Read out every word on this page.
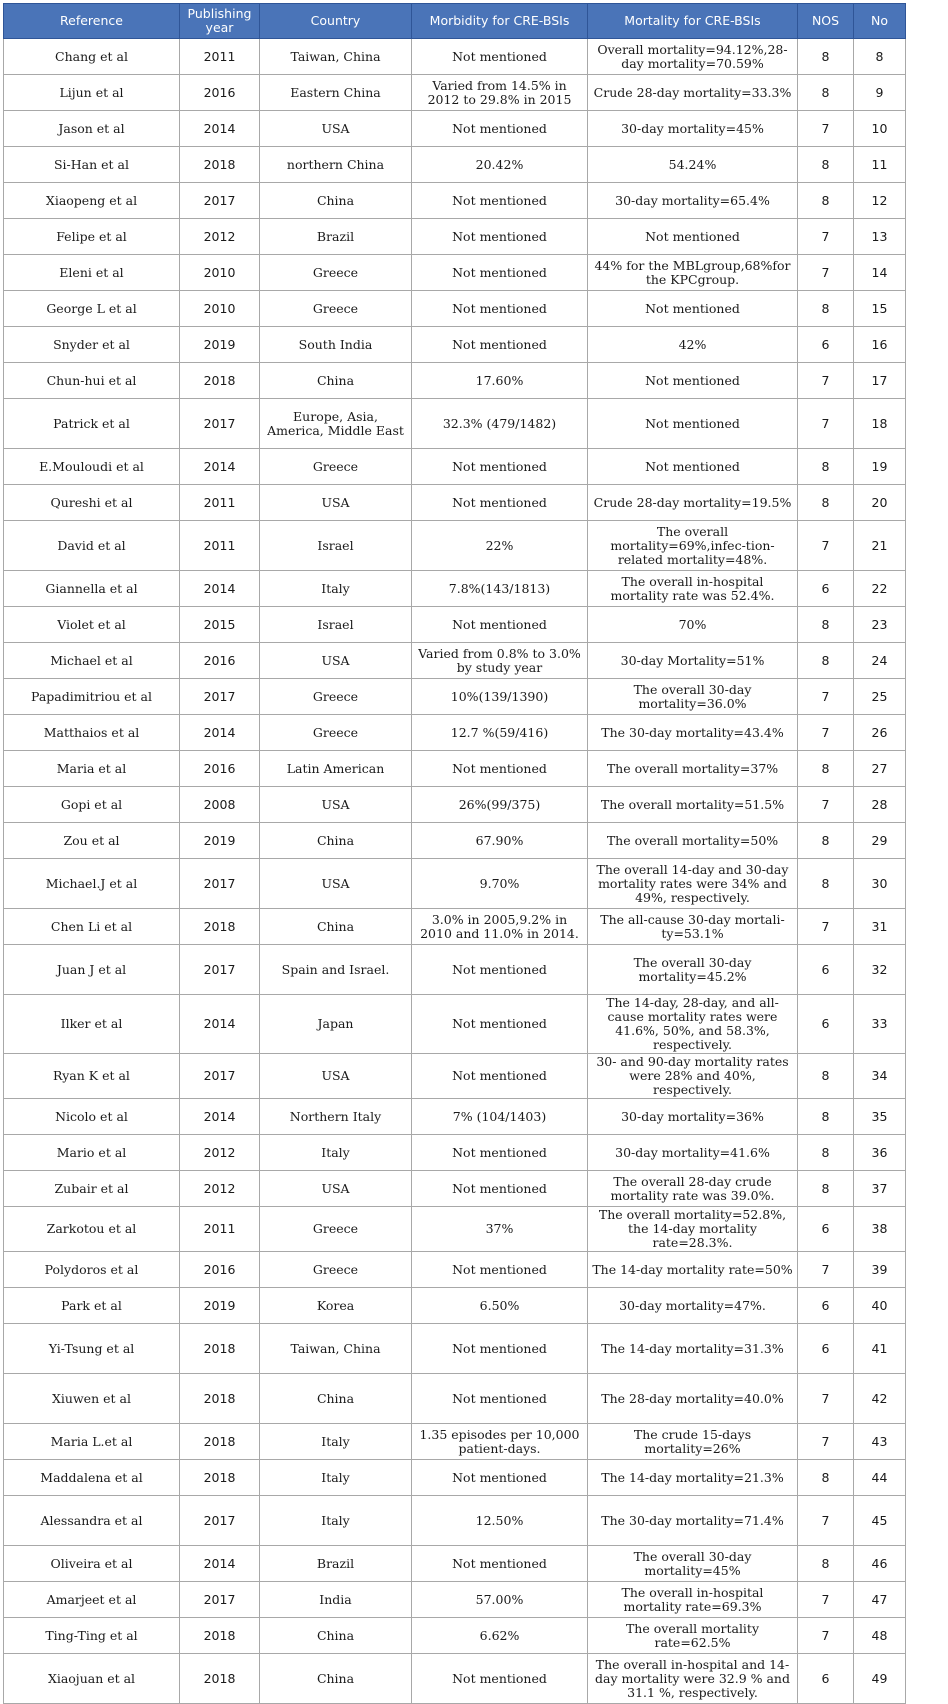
Reference	Publishing year	Country	Morbidity for CRE-BSIs	Mortality for CRE-BSIs	NOS	No
Chang et al	2011	Taiwan, China	Not mentioned	Overall mortality=94.12%,28-day mortality=70.59%	8	8
Lijun et al	2016	Eastern China	Varied from 14.5% in 2012 to 29.8% in 2015	Crude 28-day mortality=33.3%	8	9
Jason et al	2014	USA	Not mentioned	30-day mortality=45%	7	10
Si-Han et al	2018	northern China	20.42%	54.24%	8	11
Xiaopeng et al	2017	China	Not mentioned	30-day mortality=65.4%	8	12
Felipe et al	2012	Brazil	Not mentioned	Not mentioned	7	13
Eleni et al	2010	Greece	Not mentioned	44% for the MBLgroup,68%for the KPCgroup.	7	14
George L et al	2010	Greece	Not mentioned	Not mentioned	8	15
Snyder et al	2019	South India	Not mentioned	42%	6	16
Chun-hui et al	2018	China	17.60%	Not mentioned	7	17
Patrick et al	2017	Europe, Asia, America, Middle East	32.3% (479/1482)	Not mentioned	7	18
E.Mouloudi et al	2014	Greece	Not mentioned	Not mentioned	8	19
Qureshi et al	2011	USA	Not mentioned	Crude 28-day mortality=19.5%	8	20
David et al	2011	Israel	22%	The overall mortality=69%,infec-tion-related mortality=48%.	7	21
Giannella et al	2014	Italy	7.8%(143/1813)	The overall in-hospital mortality rate was 52.4%.	6	22
Violet et al	2015	Israel	Not mentioned	70%	8	23
Michael et al	2016	USA	Varied from 0.8% to 3.0% by study year	30-day Mortality=51%	8	24
Papadimitriou et al	2017	Greece	10%(139/1390)	The overall 30-day mortality=36.0%	7	25
Matthaios et al	2014	Greece	12.7 %(59/416)	The 30-day mortality=43.4%	7	26
Maria et al	2016	Latin American	Not mentioned	The overall mortality=37%	8	27
Gopi et al	2008	USA	26%(99/375)	The overall mortality=51.5%	7	28
Zou et al	2019	China	67.90%	The overall mortality=50%	8	29
Michael.J et al	2017	USA	9.70%	The overall 14-day and 30-day mortality rates were 34% and 49%, respectively.	8	30
Chen Li et al	2018	China	3.0% in 2005,9.2% in 2010 and 11.0% in 2014.	The all-cause 30-day mortali-ty=53.1%	7	31
Juan J et al	2017	Spain and Israel.	Not mentioned	The overall 30-day mortality=45.2%	6	32
Ilker et al	2014	Japan	Not mentioned	The 14-day, 28-day, and all-cause mortality rates were 41.6%, 50%, and 58.3%, respectively.	6	33
Ryan K et al	2017	USA	Not mentioned	30- and 90-day mortality rates were 28% and 40%, respectively.	8	34
Nicolo et al	2014	Northern Italy	7% (104/1403)	30-day mortality=36%	8	35
Mario et al	2012	Italy	Not mentioned	30-day mortality=41.6%	8	36
Zubair et al	2012	USA	Not mentioned	The overall 28-day crude mortality rate was 39.0%.	8	37
Zarkotou et al	2011	Greece	37%	The overall mortality=52.8%, the 14-day mortality rate=28.3%.	6	38
Polydoros et al	2016	Greece	Not mentioned	The 14-day mortality rate=50%	7	39
Park et al	2019	Korea	6.50%	30-day mortality=47%.	6	40
Yi-Tsung et al	2018	Taiwan, China	Not mentioned	The 14-day mortality=31.3%	6	41
Xiuwen et al	2018	China	Not mentioned	The 28-day mortality=40.0%	7	42
Maria L.et al	2018	Italy	1.35 episodes per 10,000 patient-days.	The crude 15-days mortality=26%	7	43
Maddalena et al	2018	Italy	Not mentioned	The 14-day mortality=21.3%	8	44
Alessandra et al	2017	Italy	12.50%	The 30-day mortality=71.4%	7	45
Oliveira et al	2014	Brazil	Not mentioned	The overall 30-day mortality=45%	8	46
Amarjeet et al	2017	India	57.00%	The overall in-hospital mortality rate=69.3%	7	47
Ting-Ting et al	2018	China	6.62%	The overall mortality rate=62.5%	7	48
Xiaojuan et al	2018	China	Not mentioned	The overall in-hospital and 14-day mortality were 32.9 % and 31.1 %, respectively.	6	49
